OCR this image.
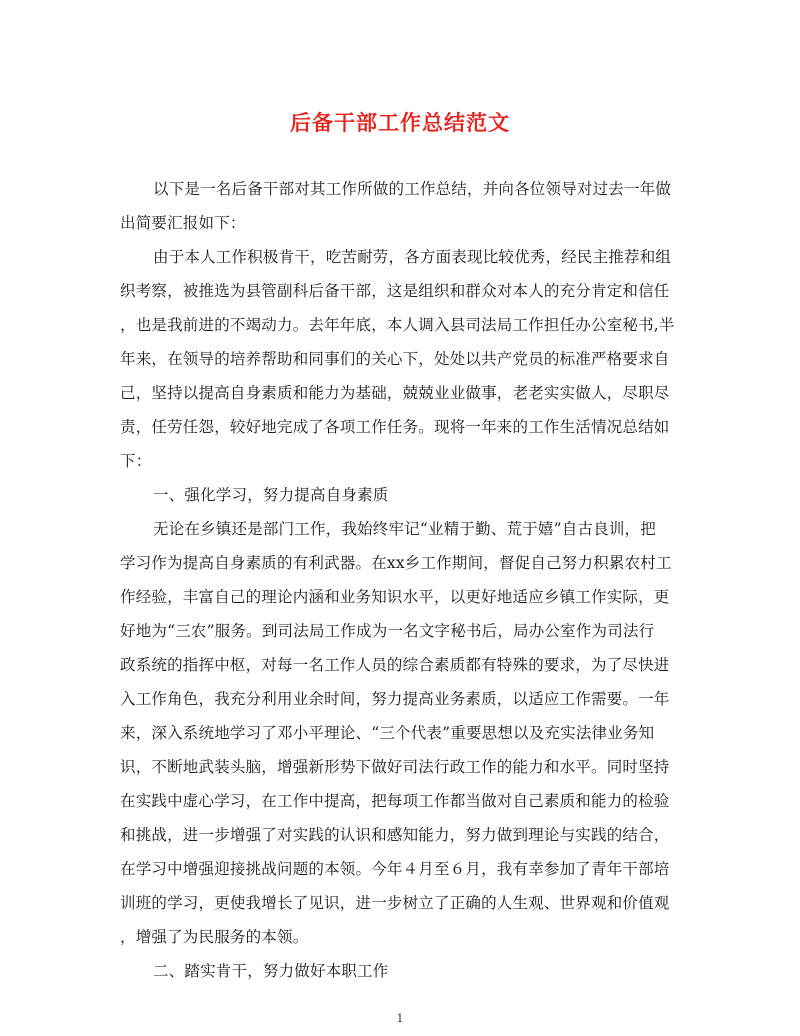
后备干部工作总结范文
以下是一名后备干部对其工作所做的工作总结，并向各位领导对过去一年做
出简要汇报如下：
由于本人工作积极肯干，吃苦耐劳，各方面表现比较优秀，经民主推荐和组
织考察，被推选为县管副科后备干部，这是组织和群众对本人的充分肯定和信任
，也是我前进的不竭动力。去年年底，本人调入县司法局工作担任办公室秘书,半
年来，在领导的培养帮助和同事们的关心下，处处以共产党员的标准严格要求自
己，坚持以提高自身素质和能力为基础，兢兢业业做事，老老实实做人，尽职尽
责，任劳任怨，较好地完成了各项工作任务。现将一年来的工作生活情况总结如
下：
一、强化学习，努力提高自身素质
无论在乡镇还是部门工作，我始终牢记“业精于勤、荒于嬉”自古良训，把
学习作为提高自身素质的有利武器。在xx乡工作期间，督促自己努力积累农村工
作经验，丰富自己的理论内涵和业务知识水平，以更好地适应乡镇工作实际，更
好地为“三农”服务。到司法局工作成为一名文字秘书后，局办公室作为司法行
政系统的指挥中枢，对每一名工作人员的综合素质都有特殊的要求，为了尽快进
入工作角色，我充分利用业余时间，努力提高业务素质，以适应工作需要。一年
来，深入系统地学习了邓小平理论、“三个代表”重要思想以及充实法律业务知
识，不断地武装头脑，增强新形势下做好司法行政工作的能力和水平。同时坚持
在实践中虚心学习，在工作中提高，把每项工作都当做对自己素质和能力的检验
和挑战，进一步增强了对实践的认识和感知能力，努力做到理论与实践的结合，
在学习中增强迎接挑战问题的本领。今年４月至６月，我有幸参加了青年干部培
训班的学习，更使我增长了见识，进一步树立了正确的人生观、世界观和价值观
，增强了为民服务的本领。
二、踏实肯干，努力做好本职工作
1
